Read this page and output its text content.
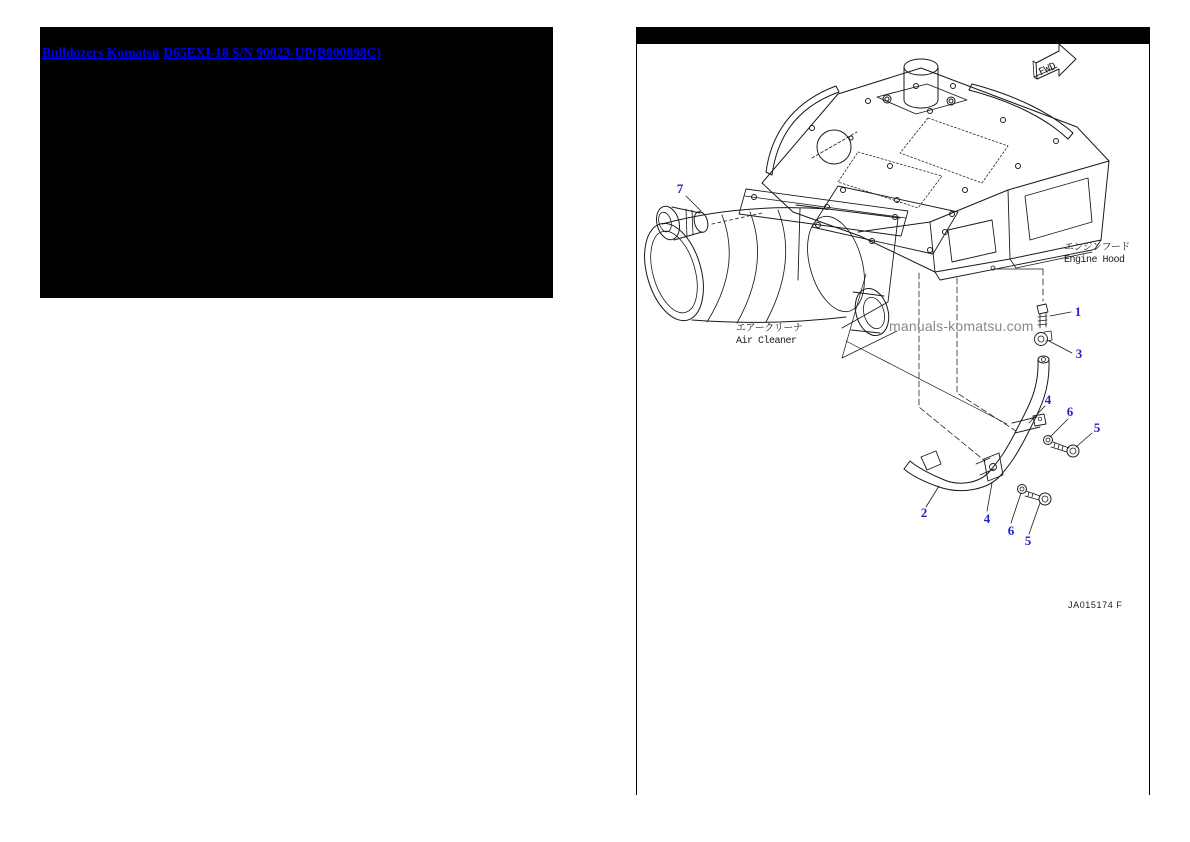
Bulldozers Komatsu D65EXI-18 S/N 90023-UP(B000898C)
FWD
エンジンフード
Engine Hood
エアークリーナ
Air Cleaner
manuals-komatsu.com
JA015174 F
7
1
3
4
6
5
2	4
6
5
